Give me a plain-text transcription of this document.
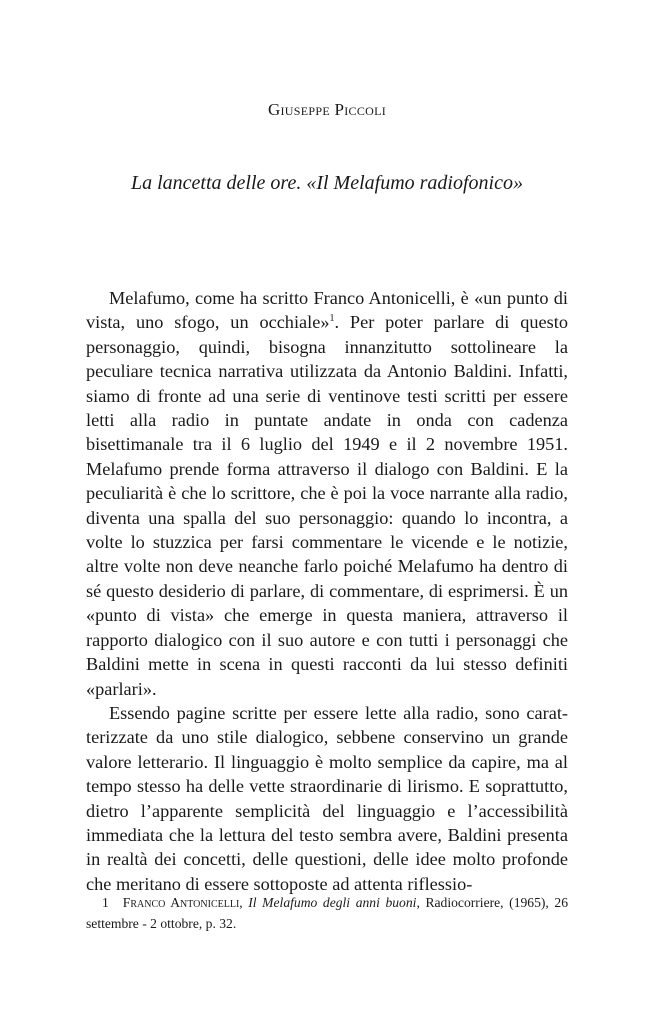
Giuseppe Piccoli
La lancetta delle ore. «Il Melafumo radiofonico»

Melafumo, come ha scritto Franco Antonicelli, è «un punto di vista, uno sfogo, un occhiale»$^1$. Per poter parlare di questo personaggio, quindi, bisogna innanzitutto sottolineare la peculiare tecnica narrativa utilizzata da Antonio Baldini. Infatti, siamo di fronte ad una serie di ventinove testi scritti per essere letti alla radio in puntate andate in onda con cadenza bisettimanale tra il 6 luglio del 1949 e il 2 novembre 1951. Melafumo prende forma attraverso il dialogo con Baldini. E la peculiarità è che lo scrittore, che è poi la voce narrante alla radio, diventa una spalla del suo personaggio: quando lo incontra, a volte lo stuzzica per farsi commentare le vicende e le notizie, altre volte non deve neanche farlo poiché Melafumo ha dentro di sé questo desiderio di parlare, di commentare, di esprimersi. È un «punto di vista» che emerge in questa maniera, attraverso il rapporto dialogico con il suo autore e con tutti i personaggi che Baldini mette in scena in questi racconti da lui stesso definiti «parlari».

Essendo pagine scritte per essere lette alla radio, sono caratterizzate da uno stile dialogico, sebbene conservino un grande valore letterario. Il linguaggio è molto semplice da capire, ma al tempo stesso ha delle vette straordinarie di lirismo. E soprattutto, dietro l’apparente semplicità del linguaggio e l’accessibilità immediata che la lettura del testo sembra avere, Baldini presenta in realtà dei concetti, delle questioni, delle idee molto profonde che meritano di essere sottoposte ad attenta riflessio-

1 Franco Antonicelli, Il Melafumo degli anni buoni, Radiocorriere, (1965), 26 settembre - 2 ottobre, p. 32.
